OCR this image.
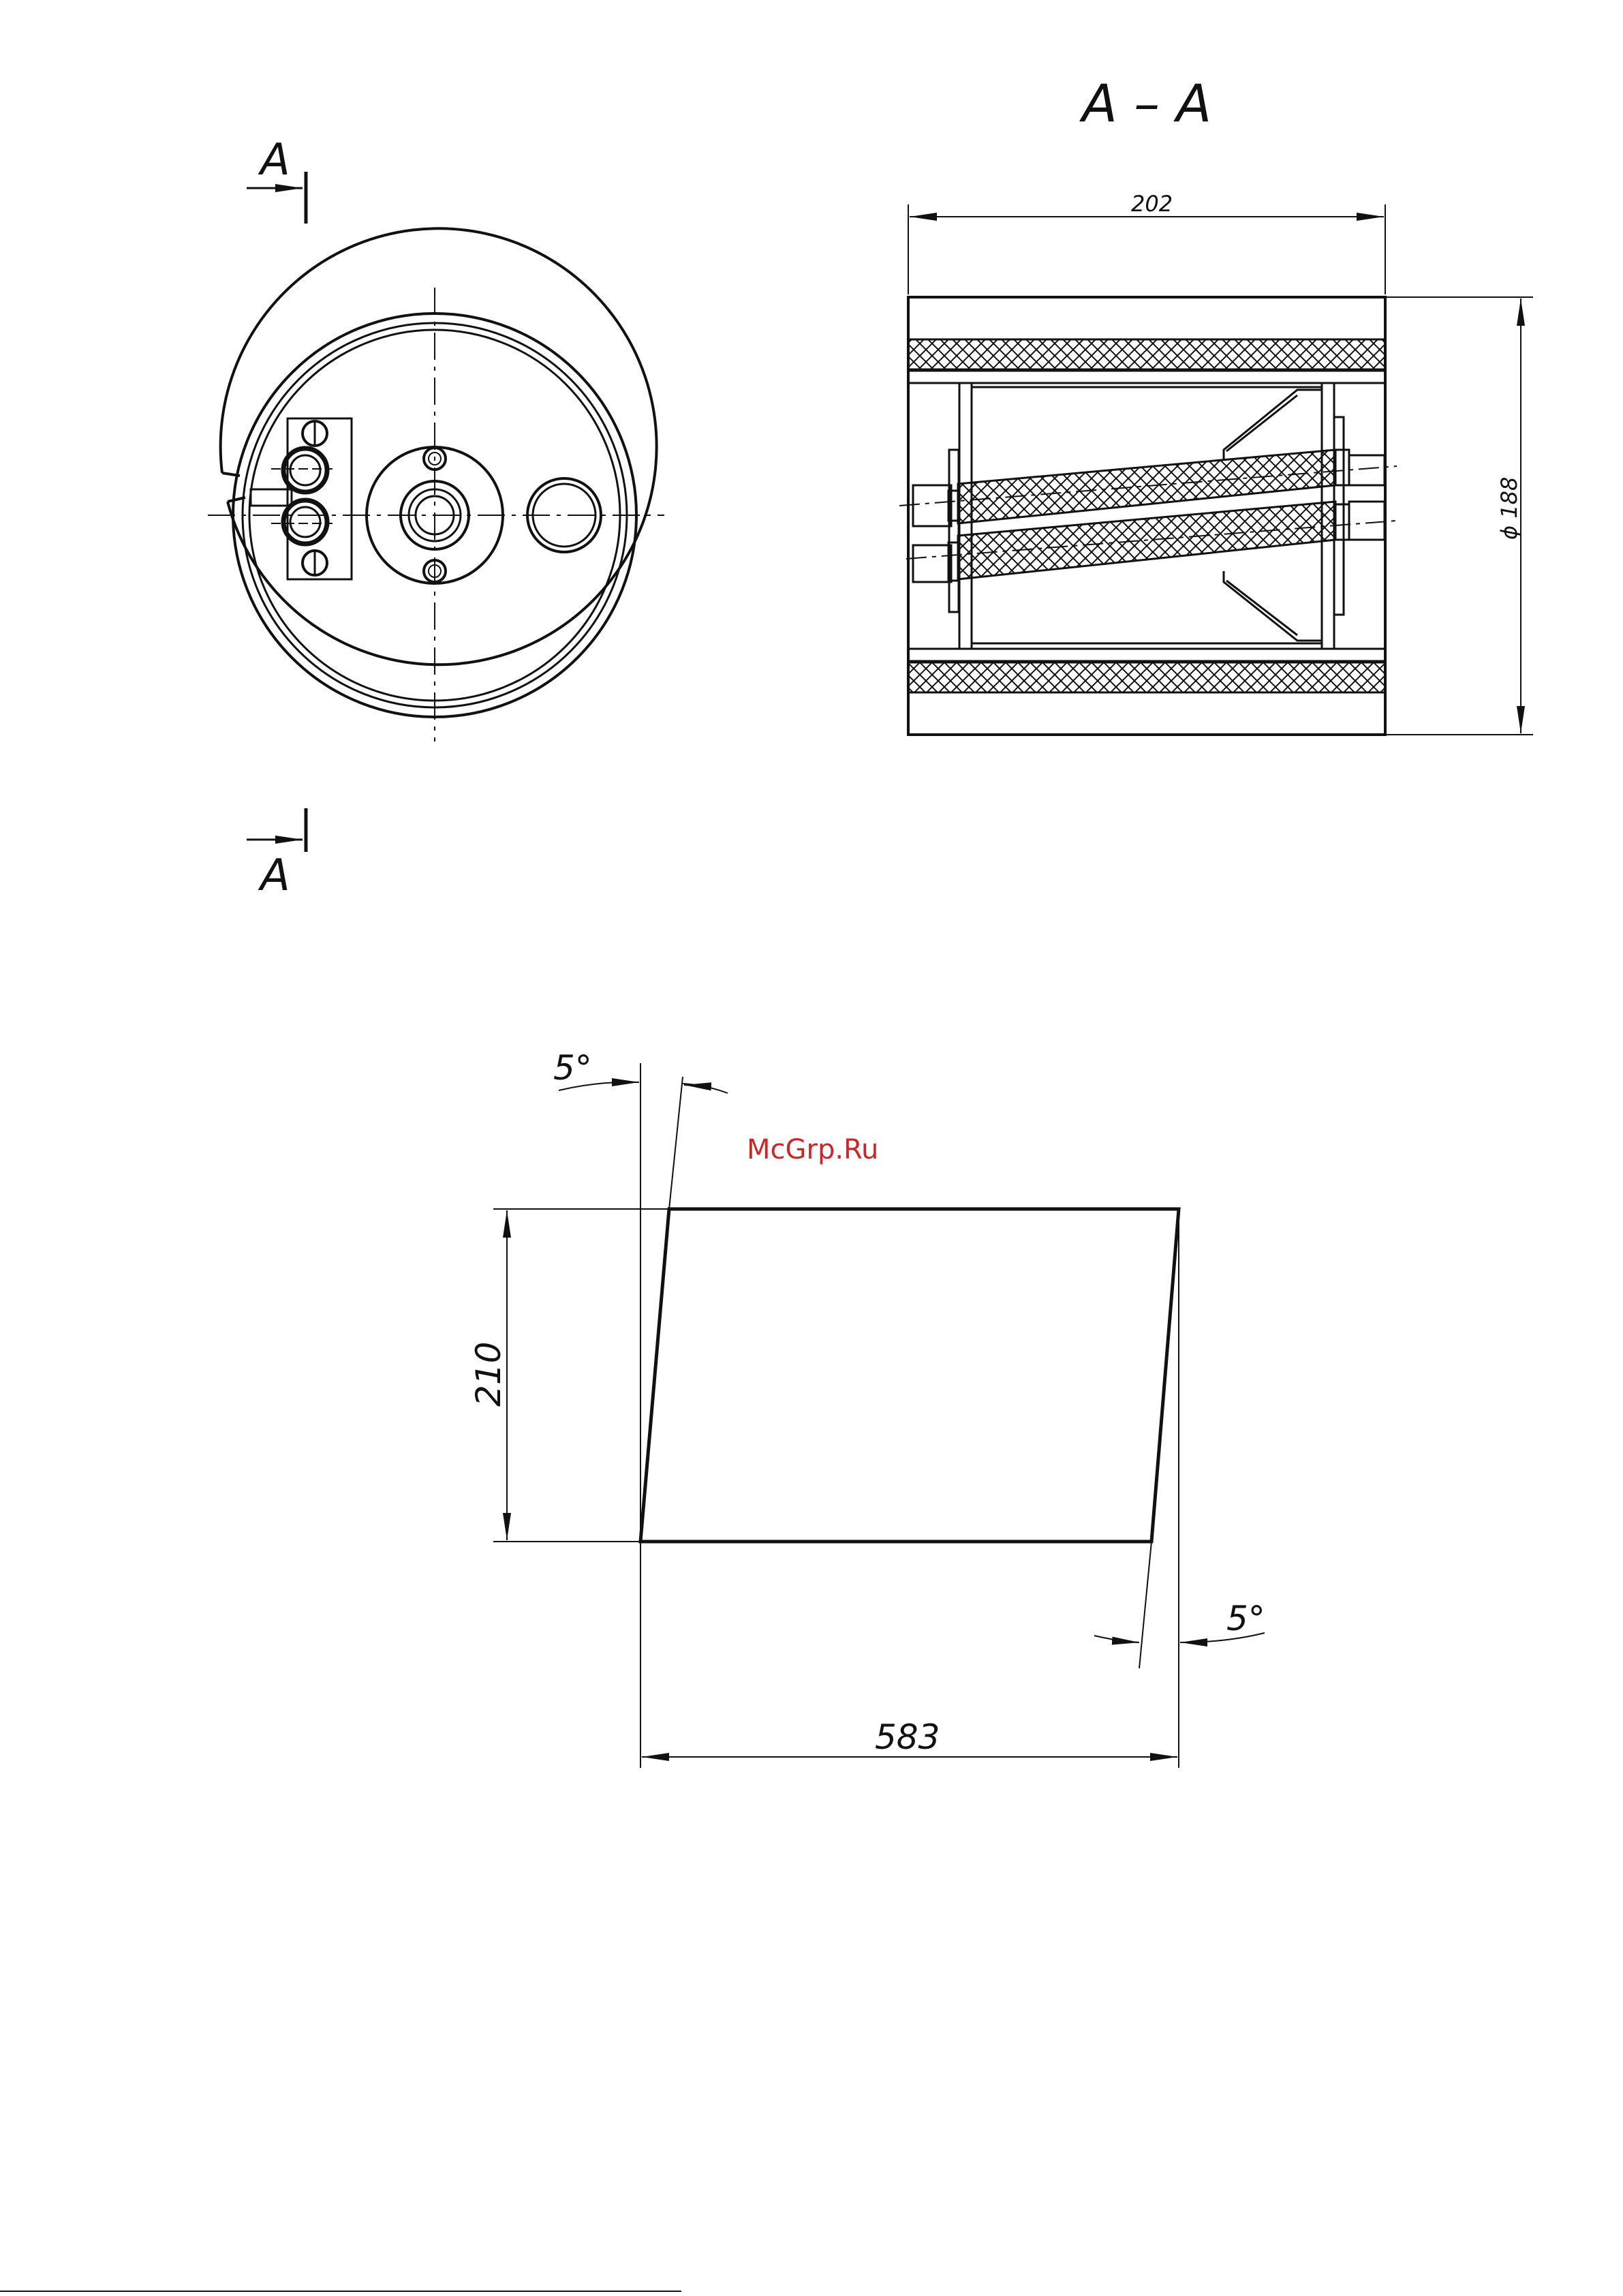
A
A
A – A
202
ϕ 188
210
583
5°
5°
McGrp.Ru
